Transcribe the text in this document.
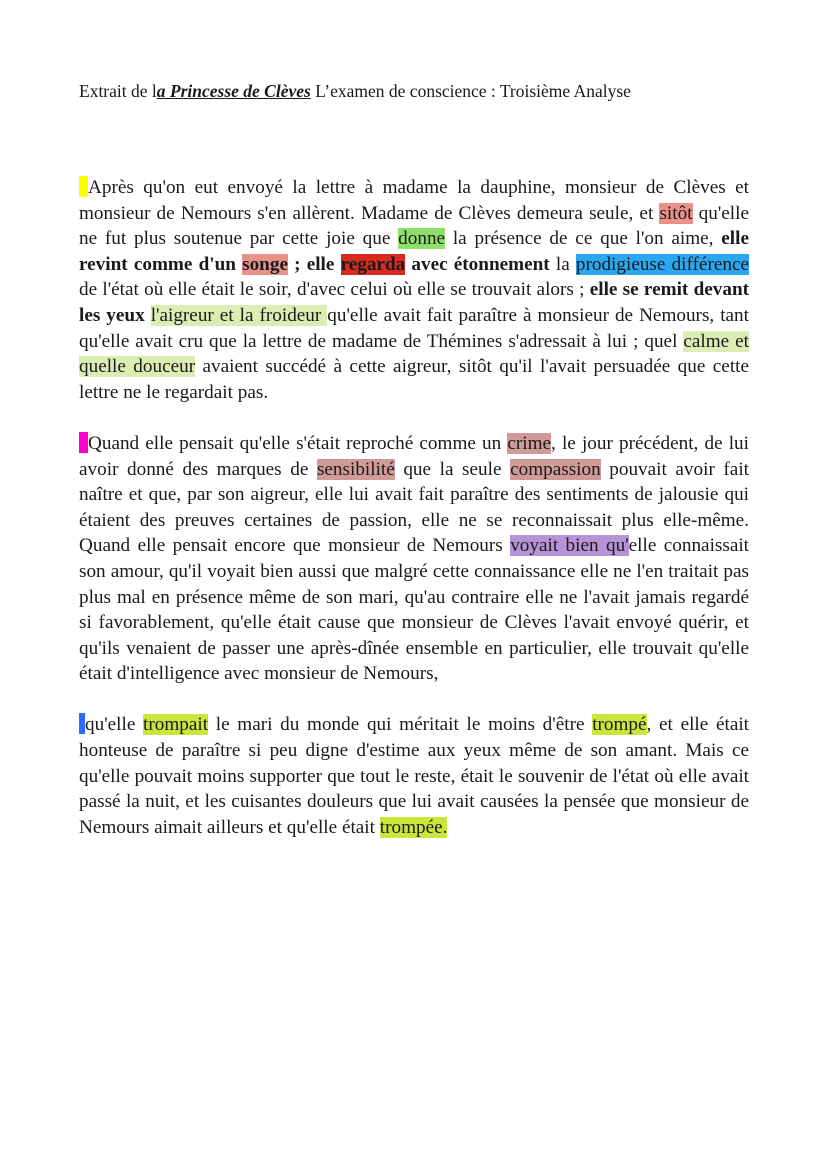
Extrait de la Princesse de Clèves L’examen de conscience : Troisième Analyse

Après qu'on eut envoyé la lettre à madame la dauphine, monsieur de Clèves et monsieur de Nemours s'en allèrent. Madame de Clèves demeura seule, et sitôt qu'elle ne fut plus soutenue par cette joie que donne la présence de ce que l'on aime, elle revint comme d'un songe ; elle regarda avec étonnement la prodigieuse différence de l'état où elle était le soir, d'avec celui où elle se trouvait alors ; elle se remit devant les yeux l'aigreur et la froideur qu'elle avait fait paraître à monsieur de Nemours, tant qu'elle avait cru que la lettre de madame de Thémines s'adressait à lui ; quel calme et quelle douceur avaient succédé à cette aigreur, sitôt qu'il l'avait persuadée que cette lettre ne le regardait pas.

Quand elle pensait qu'elle s'était reproché comme un crime, le jour précédent, de lui avoir donné des marques de sensibilité que la seule compassion pouvait avoir fait naître et que, par son aigreur, elle lui avait fait paraître des sentiments de jalousie qui étaient des preuves certaines de passion, elle ne se reconnaissait plus elle-même. Quand elle pensait encore que monsieur de Nemours voyait bien qu'elle connaissait son amour, qu'il voyait bien aussi que malgré cette connaissance elle ne l'en traitait pas plus mal en présence même de son mari, qu'au contraire elle ne l'avait jamais regardé si favorablement, qu'elle était cause que monsieur de Clèves l'avait envoyé quérir, et qu'ils venaient de passer une après-dînée ensemble en particulier, elle trouvait qu'elle était d'intelligence avec monsieur de Nemours,

qu'elle trompait le mari du monde qui méritait le moins d'être trompé, et elle était honteuse de paraître si peu digne d'estime aux yeux même de son amant. Mais ce qu'elle pouvait moins supporter que tout le reste, était le souvenir de l'état où elle avait passé la nuit, et les cuisantes douleurs que lui avait causées la pensée que monsieur de Nemours aimait ailleurs et qu'elle était trompée.
